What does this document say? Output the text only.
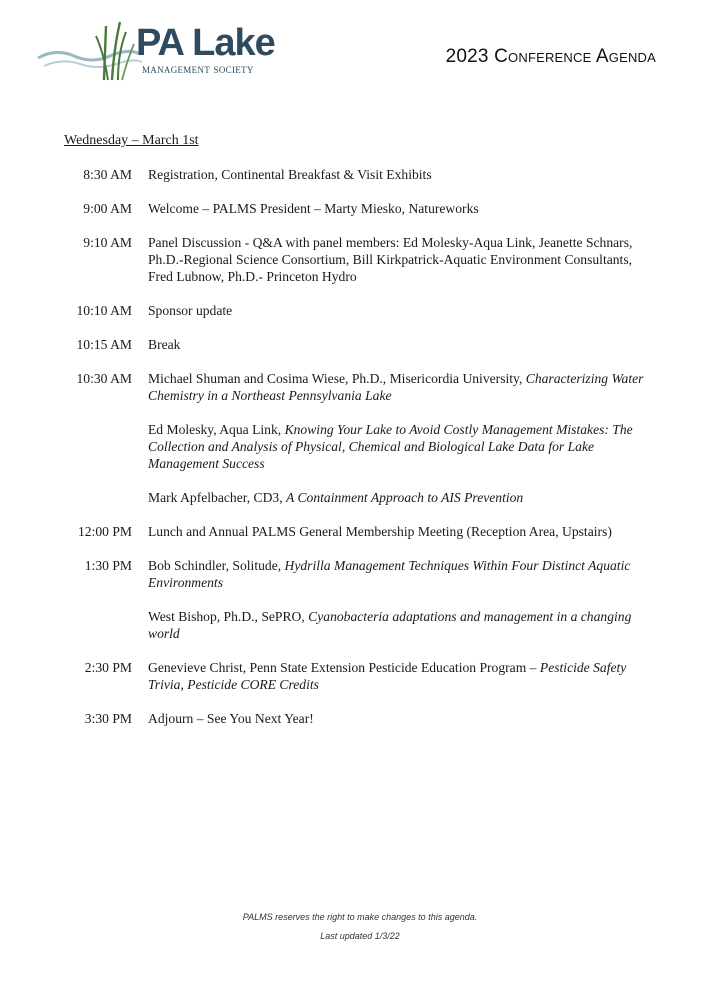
PA Lake
management society
2023 Conference Agenda
Wednesday – March 1st
8:30 AM Registration, Continental Breakfast & Visit Exhibits
9:00 AM Welcome – PALMS President – Marty Miesko, Natureworks
9:10 AM Panel Discussion - Q&A with panel members: Ed Molesky-Aqua Link, Jeanette Schnars, Ph.D.-Regional Science Consortium, Bill Kirkpatrick-Aquatic Environment Consultants, Fred Lubnow, Ph.D.- Princeton Hydro
10:10 AM Sponsor update
10:15 AM Break
10:30 AM Michael Shuman and Cosima Wiese, Ph.D., Misericordia University, Characterizing Water Chemistry in a Northeast Pennsylvania Lake
Ed Molesky, Aqua Link, Knowing Your Lake to Avoid Costly Management Mistakes: The Collection and Analysis of Physical, Chemical and Biological Lake Data for Lake Management Success
Mark Apfelbacher, CD3, A Containment Approach to AIS Prevention
12:00 PM Lunch and Annual PALMS General Membership Meeting (Reception Area, Upstairs)
1:30 PM Bob Schindler, Solitude, Hydrilla Management Techniques Within Four Distinct Aquatic Environments
West Bishop, Ph.D., SePRO, Cyanobacteria adaptations and management in a changing world
2:30 PM Genevieve Christ, Penn State Extension Pesticide Education Program – Pesticide Safety Trivia, Pesticide CORE Credits
3:30 PM Adjourn – See You Next Year!
PALMS reserves the right to make changes to this agenda.
Last updated 1/3/22
